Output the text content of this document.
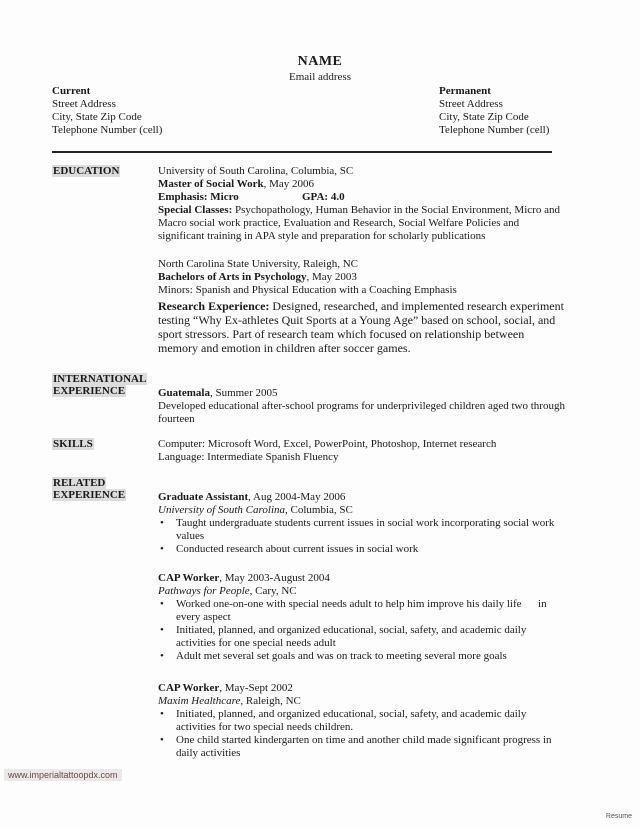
NAME
Email address
Current
Street Address
City, State Zip Code
Telephone Number (cell)
Permanent
Street Address
City, State Zip Code
Telephone Number (cell)
EDUCATION	University of South Carolina, Columbia, SC
Master of Social Work, May 2006
Emphasis: Micro	GPA: 4.0
Special Classes: Psychopathology, Human Behavior in the Social Environment, Micro and
Macro social work practice, Evaluation and Research, Social Welfare Policies and
significant training in APA style and preparation for scholarly publications
North Carolina State University, Raleigh, NC
Bachelors of Arts in Psychology, May 2003
Minors: Spanish and Physical Education with a Coaching Emphasis
Research Experience: Designed, researched, and implemented research experiment
testing “Why Ex-athletes Quit Sports at a Young Age” based on school, social, and
sport stressors. Part of research team which focused on relationship between
memory and emotion in children after soccer games.
INTERNATIONAL
EXPERIENCE	Guatemala, Summer 2005
Developed educational after-school programs for underprivileged children aged two through
fourteen
SKILLS	Computer: Microsoft Word, Excel, PowerPoint, Photoshop, Internet research
Language: Intermediate Spanish Fluency
RELATED
EXPERIENCE	Graduate Assistant, Aug 2004-May 2006
University of South Carolina, Columbia, SC
• Taught undergraduate students current issues in social work incorporating social work
values
• Conducted research about current issues in social work
CAP Worker, May 2003-August 2004
Pathways for People, Cary, NC
• Worked one-on-one with special needs adult to help him improve his daily life      in
every aspect
• Initiated, planned, and organized educational, social, safety, and academic daily
activities for one special needs adult
• Adult met several set goals and was on track to meeting several more goals
CAP Worker, May-Sept 2002
Maxim Healthcare, Raleigh, NC
• Initiated, planned, and organized educational, social, safety, and academic daily
activities for two special needs children.
• One child started kindergarten on time and another child made significant progress in
daily activities
www.imperialtattoopdx.com
Resume
